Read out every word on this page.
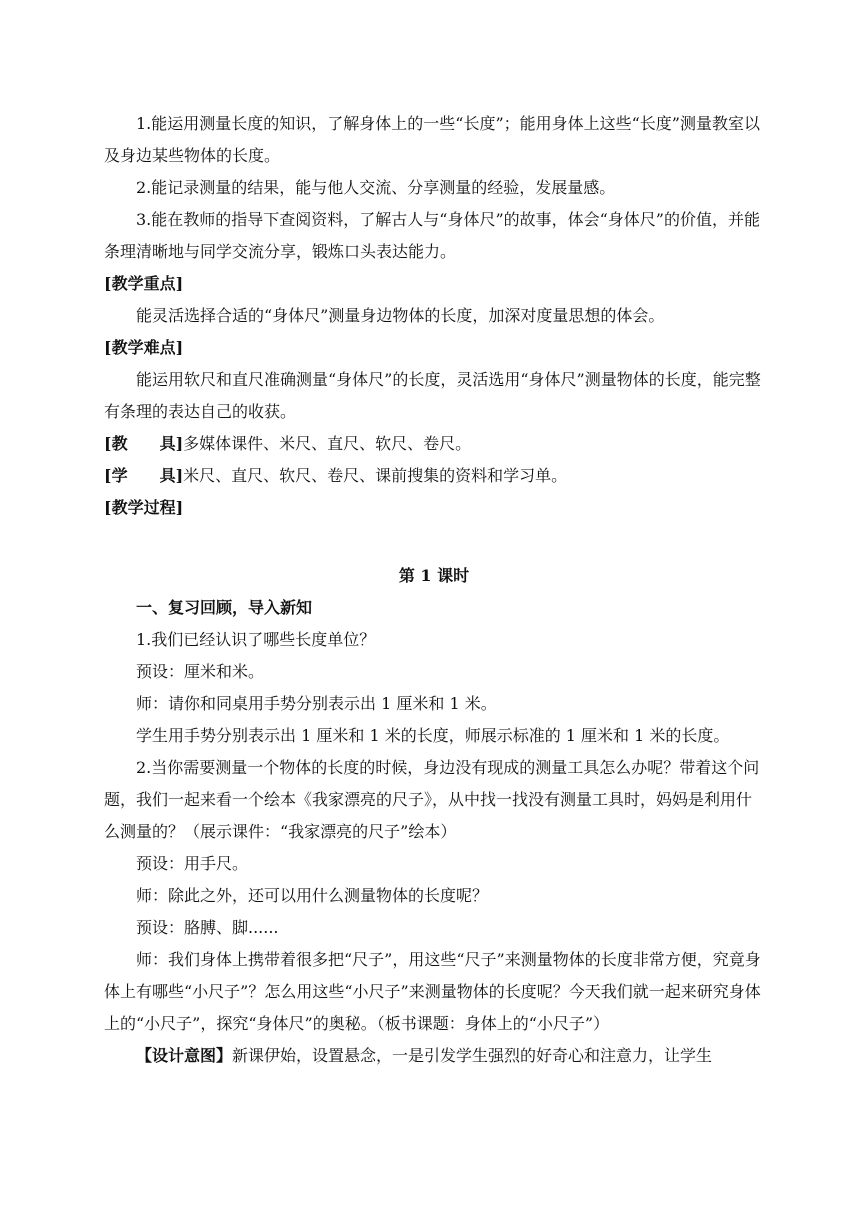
1.能运用测量长度的知识，了解身体上的一些“长度”；能用身体上这些“长度”测量教室以及身边某些物体的长度。

2.能记录测量的结果，能与他人交流、分享测量的经验，发展量感。

3.能在教师的指导下查阅资料，了解古人与“身体尺”的故事，体会“身体尺”的价值，并能条理清晰地与同学交流分享，锻炼口头表达能力。

[教学重点]

能灵活选择合适的“身体尺”测量身边物体的长度，加深对度量思想的体会。

[教学难点]

能运用软尺和直尺准确测量“身体尺”的长度，灵活选用“身体尺”测量物体的长度，能完整有条理的表达自己的收获。

[教 具]多媒体课件、米尺、直尺、软尺、卷尺。

[学 具]米尺、直尺、软尺、卷尺、课前搜集的资料和学习单。

[教学过程]

第 1 课时

一、复习回顾，导入新知

1.我们已经认识了哪些长度单位？

预设：厘米和米。

师：请你和同桌用手势分别表示出 1 厘米和 1 米。

学生用手势分别表示出 1 厘米和 1 米的长度，师展示标准的 1 厘米和 1 米的长度。

2.当你需要测量一个物体的长度的时候，身边没有现成的测量工具怎么办呢？带着这个问题，我们一起来看一个绘本《我家漂亮的尺子》，从中找一找没有测量工具时，妈妈是利用什么测量的？（展示课件：“我家漂亮的尺子”绘本）

预设：用手尺。

师：除此之外，还可以用什么测量物体的长度呢？

预设：胳膊、脚......

师：我们身体上携带着很多把“尺子”，用这些“尺子”来测量物体的长度非常方便，究竟身体上有哪些“小尺子”？怎么用这些“小尺子”来测量物体的长度呢？今天我们就一起来研究身体上的“小尺子”，探究“身体尺”的奥秘。（板书课题：身体上的“小尺子”）

【设计意图】新课伊始，设置悬念，一是引发学生强烈的好奇心和注意力，让学生
